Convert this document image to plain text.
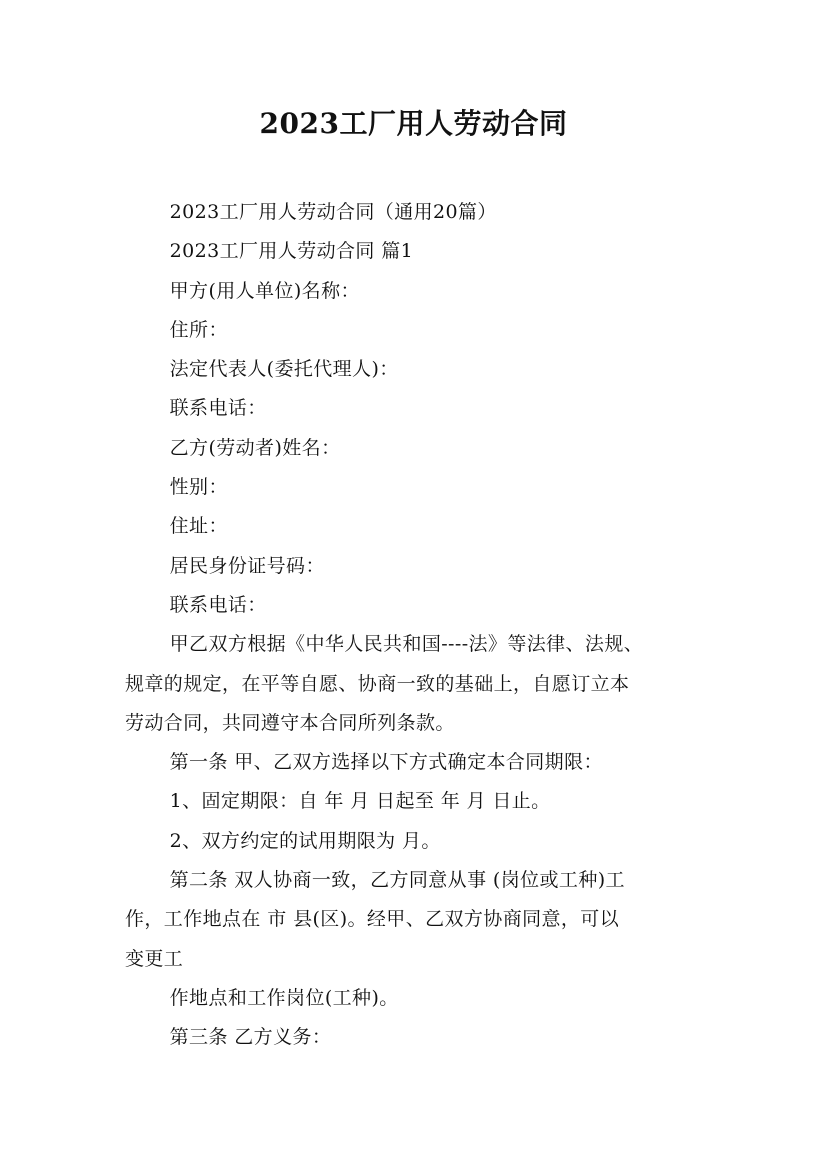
2023工厂用人劳动合同

2023工厂用人劳动合同（通用20篇）

2023工厂用人劳动合同 篇1

甲方(用人单位)名称：

住所：

法定代表人(委托代理人)：

联系电话：

乙方(劳动者)姓名：

性别：

住址：

居民身份证号码：

联系电话：

甲乙双方根据《中华人民共和国----法》等法律、法规、

规章的规定，在平等自愿、协商一致的基础上，自愿订立本

劳动合同，共同遵守本合同所列条款。

第一条 甲、乙双方选择以下方式确定本合同期限：

1、固定期限：自 年 月 日起至 年 月 日止。

2、双方约定的试用期限为 月。

第二条 双人协商一致，乙方同意从事 (岗位或工种)工

作，工作地点在 市 县(区)。经甲、乙双方协商同意，可以

变更工

作地点和工作岗位(工种)。

第三条 乙方义务：
